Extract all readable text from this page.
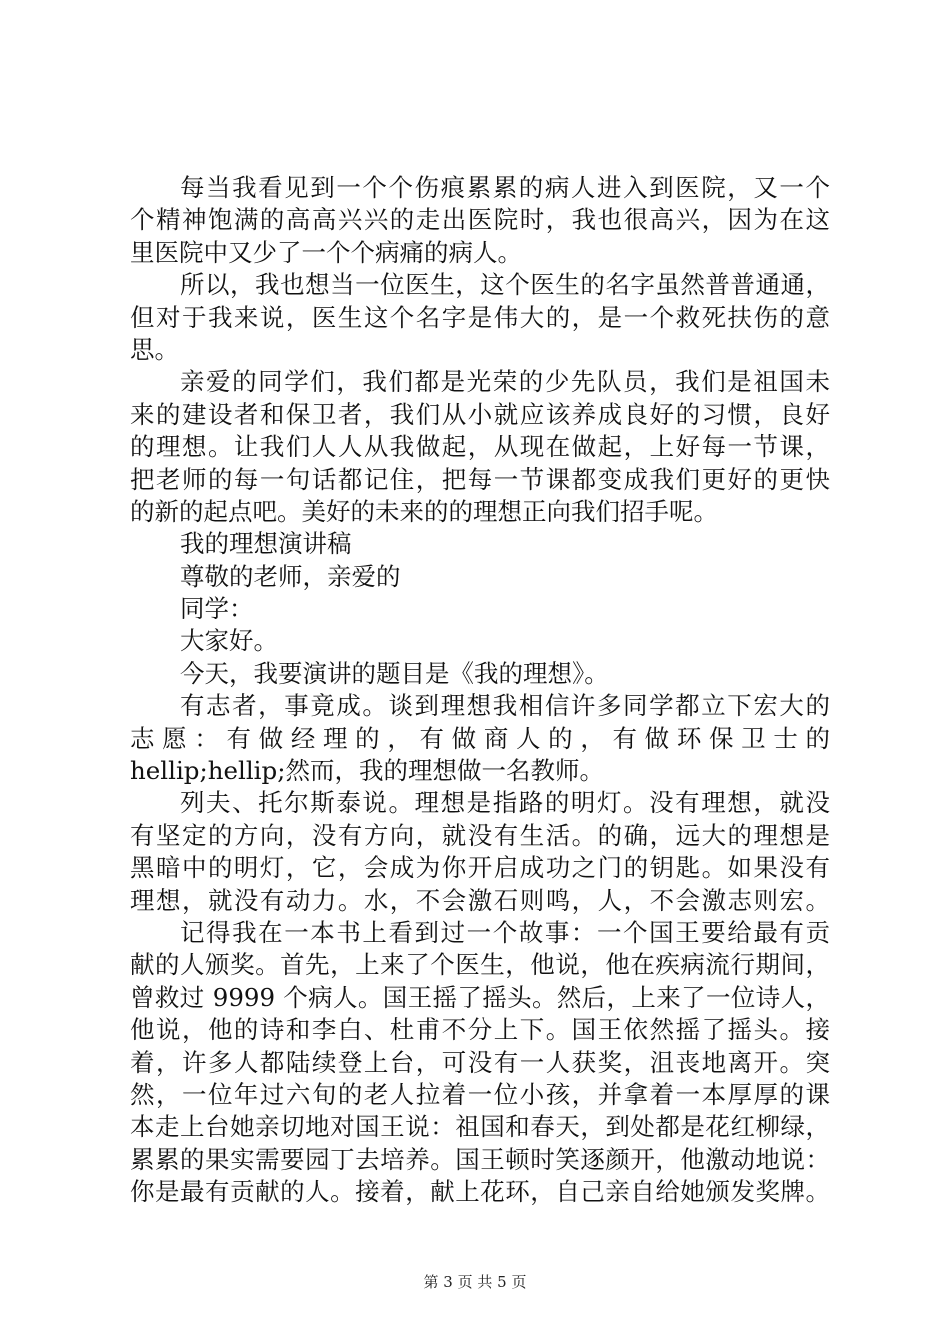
每当我看见到一个个伤痕累累的病人进入到医院，又一个
个精神饱满的高高兴兴的走出医院时，我也很高兴，因为在这
里医院中又少了一个个病痛的病人。
所以，我也想当一位医生，这个医生的名字虽然普普通通，
但对于我来说，医生这个名字是伟大的，是一个救死扶伤的意
思。
亲爱的同学们，我们都是光荣的少先队员，我们是祖国未
来的建设者和保卫者，我们从小就应该养成良好的习惯，良好
的理想。让我们人人从我做起，从现在做起，上好每一节课，
把老师的每一句话都记住，把每一节课都变成我们更好的更快
的新的起点吧。美好的未来的的理想正向我们招手呢。
我的理想演讲稿
尊敬的老师，亲爱的
同学：
大家好。
今天，我要演讲的题目是《我的理想》。
有志者，事竟成。谈到理想我相信许多同学都立下宏大的
志愿：有做经理的，有做商人的，有做环保卫士的
hellip;hellip;然而，我的理想做一名教师。
列夫、托尔斯泰说。理想是指路的明灯。没有理想，就没
有坚定的方向，没有方向，就没有生活。的确，远大的理想是
黑暗中的明灯，它，会成为你开启成功之门的钥匙。如果没有
理想，就没有动力。水，不会激石则鸣，人，不会激志则宏。
记得我在一本书上看到过一个故事：一个国王要给最有贡
献的人颁奖。首先，上来了个医生，他说，他在疾病流行期间，
曾救过 9999 个病人。国王摇了摇头。然后，上来了一位诗人，
他说，他的诗和李白、杜甫不分上下。国王依然摇了摇头。接
着，许多人都陆续登上台，可没有一人获奖，沮丧地离开。突
然，一位年过六旬的老人拉着一位小孩，并拿着一本厚厚的课
本走上台她亲切地对国王说：祖国和春天，到处都是花红柳绿，
累累的果实需要园丁去培养。国王顿时笑逐颜开，他激动地说：
你是最有贡献的人。接着，献上花环，自己亲自给她颁发奖牌。
第 3 页 共 5 页
